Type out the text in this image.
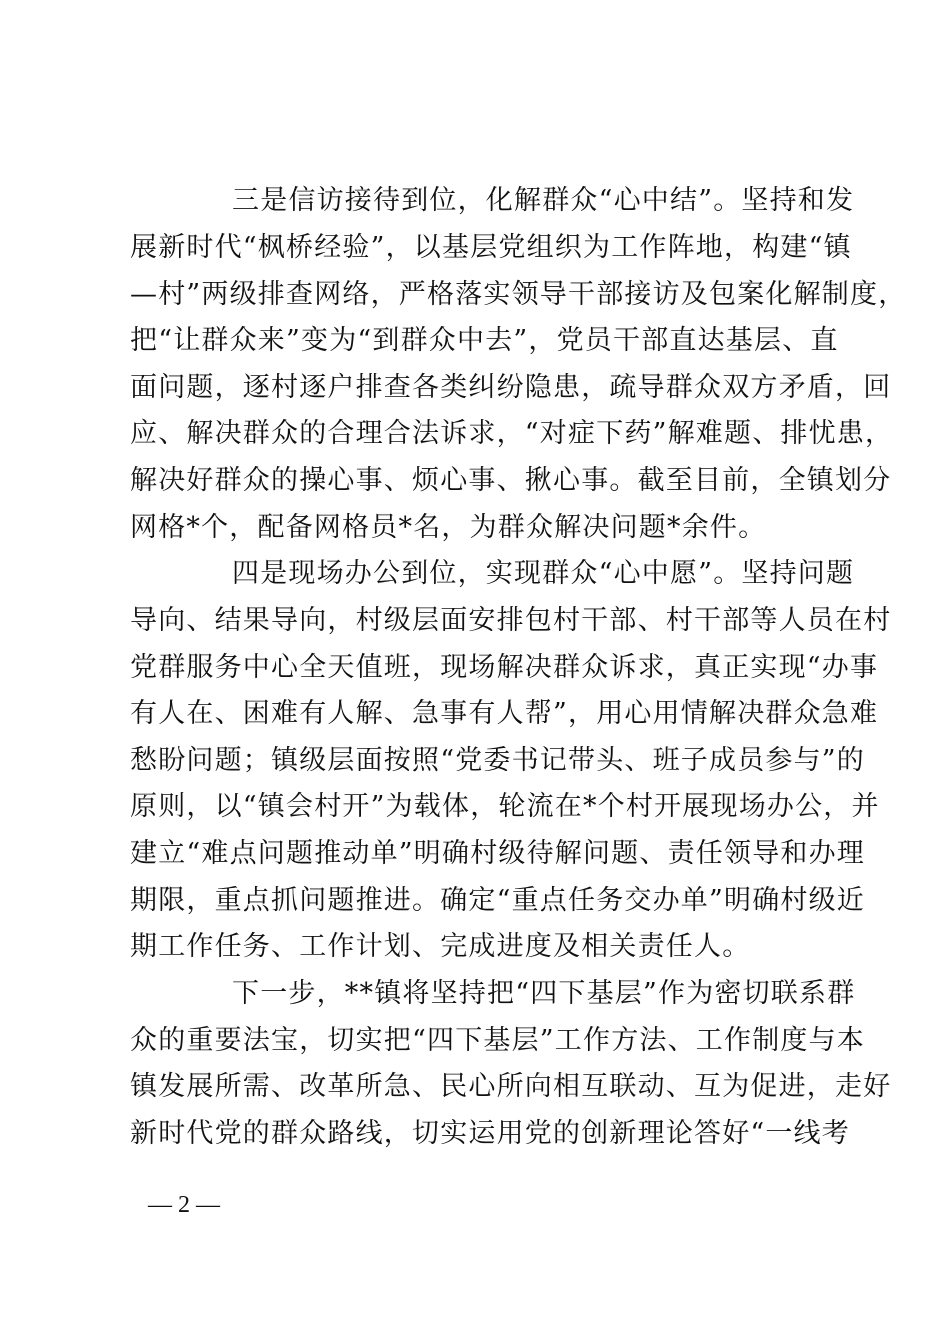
三是信访接待到位，化解群众“心中结”。坚持和发
展新时代“枫桥经验”，以基层党组织为工作阵地，构建“镇
—村”两级排查网络，严格落实领导干部接访及包案化解制度，
把“让群众来”变为“到群众中去”，党员干部直达基层、直
面问题，逐村逐户排查各类纠纷隐患，疏导群众双方矛盾，回
应、解决群众的合理合法诉求，“对症下药”解难题、排忧患，
解决好群众的操心事、烦心事、揪心事。截至目前，全镇划分
网格*个，配备网格员*名，为群众解决问题*余件。
四是现场办公到位，实现群众“心中愿”。坚持问题
导向、结果导向，村级层面安排包村干部、村干部等人员在村
党群服务中心全天值班，现场解决群众诉求，真正实现“办事
有人在、困难有人解、急事有人帮”，用心用情解决群众急难
愁盼问题；镇级层面按照“党委书记带头、班子成员参与”的
原则，以“镇会村开”为载体，轮流在*个村开展现场办公，并
建立“难点问题推动单”明确村级待解问题、责任领导和办理
期限，重点抓问题推进。确定“重点任务交办单”明确村级近
期工作任务、工作计划、完成进度及相关责任人。
下一步，**镇将坚持把“四下基层”作为密切联系群
众的重要法宝，切实把“四下基层”工作方法、工作制度与本
镇发展所需、改革所急、民心所向相互联动、互为促进，走好
新时代党的群众路线，切实运用党的创新理论答好“一线考
— 2 —
